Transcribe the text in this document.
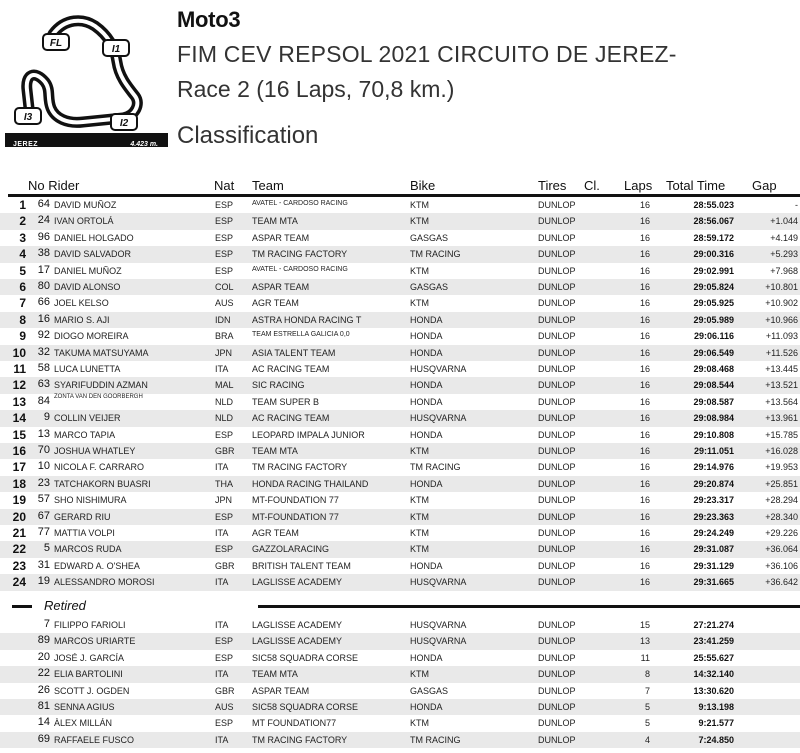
FL
I1
I3
I2
JEREZ	4.423 m.
Moto3
FIM CEV REPSOL 2021 CIRCUITO DE JEREZ-
Race 2 (16 Laps, 70,8 km.)
Classification
No Rider	Nat Team	Bike	Tires Cl. Laps Total Time Gap
1	64 DAVID MUÑOZ	ESP	AVATEL - CARDOSO RACING	KTM	DUNLOP	16	28:55.023	-
2	24 IVAN ORTOLÁ	ESP TEAM MTA	KTM	DUNLOP	16	28:56.067	+1.044
3	96 DANIEL HOLGADO	ESP ASPAR TEAM	GASGAS	DUNLOP	16	28:59.172	+4.149
4	38 DAVID SALVADOR	ESP TM RACING FACTORY	TM RACING	DUNLOP	16	29:00.316	+5.293
5	17 DANIEL MUÑOZ	ESP	AVATEL - CARDOSO RACING	KTM	DUNLOP	16	29:02.991	+7.968
6	80 DAVID ALONSO	COL ASPAR TEAM	GASGAS	DUNLOP	16	29:05.824	+10.801
7	66 JOEL KELSO	AUS AGR TEAM	KTM	DUNLOP	16	29:05.925	+10.902
8	16 MARIO S. AJI	IDN ASTRA HONDA RACING T	HONDA	DUNLOP	16	29:05.989	+10.966
9	92 DIOGO MOREIRA	BRA	TEAM ESTRELLA GALICIA 0,0	HONDA	DUNLOP	16	29:06.116	+11.093
10	32 TAKUMA MATSUYAMA	JPN ASIA TALENT TEAM	HONDA	DUNLOP	16	29:06.549	+11.526
11	58 LUCA LUNETTA	ITA	AC RACING TEAM	HUSQVARNA	DUNLOP	16	29:08.468	+13.445
12	63 SYARIFUDDIN AZMAN	MAL SIC RACING	HONDA	DUNLOP	16	29:08.544	+13.521
13	84 ZONTA VAN DEN GOORBERGH	NLD TEAM SUPER B	HONDA	DUNLOP	16	29:08.587	+13.564
14	9 COLLIN VEIJER	NLD AC RACING TEAM	HUSQVARNA	DUNLOP	16	29:08.984	+13.961
15	13 MARCO TAPIA	ESP LEOPARD IMPALA JUNIOR	HONDA	DUNLOP	16	29:10.808	+15.785
16	70 JOSHUA WHATLEY	GBR TEAM MTA	KTM	DUNLOP	16	29:11.051	+16.028
17	10 NICOLA F. CARRARO	ITA	TM RACING FACTORY	TM RACING	DUNLOP	16	29:14.976	+19.953
18	23 TATCHAKORN BUASRI	THA HONDA RACING THAILAND	HONDA	DUNLOP	16	29:20.874	+25.851
19	57 SHO NISHIMURA	JPN MT-FOUNDATION 77	KTM	DUNLOP	16	29:23.317	+28.294
20	67 GERARD RIU	ESP MT-FOUNDATION 77	KTM	DUNLOP	16	29:23.363	+28.340
21	77 MATTIA VOLPI	ITA	AGR TEAM	KTM	DUNLOP	16	29:24.249	+29.226
22	5 MARCOS RUDA	ESP GAZZOLARACING	KTM	DUNLOP	16	29:31.087	+36.064
23	31 EDWARD A. O'SHEA	GBR BRITISH TALENT TEAM	HONDA	DUNLOP	16	29:31.129	+36.106
24	19 ALESSANDRO MOROSI	ITA	LAGLISSE ACADEMY	HUSQVARNA	DUNLOP	16	29:31.665	+36.642
Retired
7 FILIPPO FARIOLI	ITA	LAGLISSE ACADEMY	HUSQVARNA	DUNLOP	15	27:21.274
89 MARCOS URIARTE	ESP LAGLISSE ACADEMY	HUSQVARNA	DUNLOP	13	23:41.259
20 JOSÉ J. GARCÍA	ESP SIC58 SQUADRA CORSE	HONDA	DUNLOP	11	25:55.627
22 ELIA BARTOLINI	ITA	TEAM MTA	KTM	DUNLOP	8	14:32.140
26 SCOTT J. OGDEN	GBR ASPAR TEAM	GASGAS	DUNLOP	7	13:30.620
81 SENNA AGIUS	AUS SIC58 SQUADRA CORSE	HONDA	DUNLOP	5	9:13.198
14 ÀLEX MILLÁN	ESP MT FOUNDATION77	KTM	DUNLOP	5	9:21.577
69 RAFFAELE FUSCO	ITA	TM RACING FACTORY	TM RACING	DUNLOP	4	7:24.850
